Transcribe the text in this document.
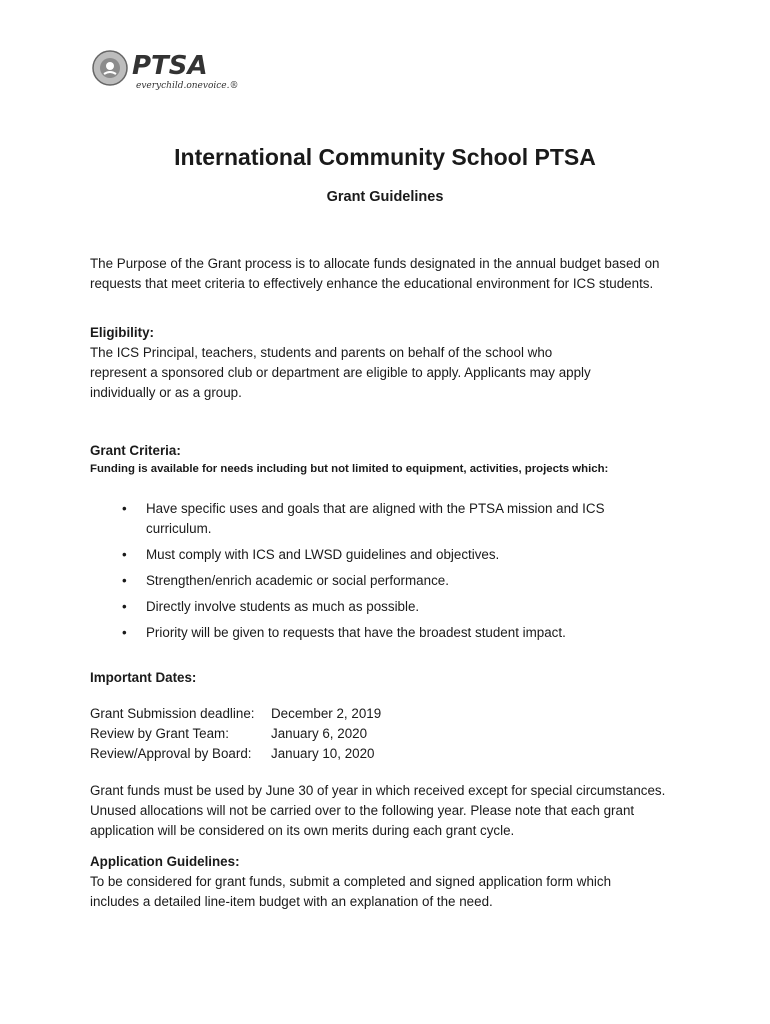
PTSA
everychild.onevoice.®
International Community School PTSA
Grant Guidelines

The Purpose of the Grant process is to allocate funds designated in the annual budget based on requests that meet criteria to effectively enhance the educational environment for ICS students.

Eligibility:

The ICS Principal, teachers, students and parents on behalf of the school who represent a sponsored club or department are eligible to apply. Applicants may apply individually or as a group.

Grant Criteria:

Funding is available for needs including but not limited to equipment, activities, projects which:

• Have specific uses and goals that are aligned with the PTSA mission and ICS curriculum.
• Must comply with ICS and LWSD guidelines and objectives.
• Strengthen/enrich academic or social performance.
• Directly involve students as much as possible.
• Priority will be given to requests that have the broadest student impact.

Important Dates:

Grant Submission deadline:	December 2, 2019
Review by Grant Team:	January 6, 2020
Review/Approval by Board:	January 10, 2020

Grant funds must be used by June 30 of year in which received except for special circumstances. Unused allocations will not be carried over to the following year. Please note that each grant application will be considered on its own merits during each grant cycle.

Application Guidelines:

To be considered for grant funds, submit a completed and signed application form which includes a detailed line-item budget with an explanation of the need.
